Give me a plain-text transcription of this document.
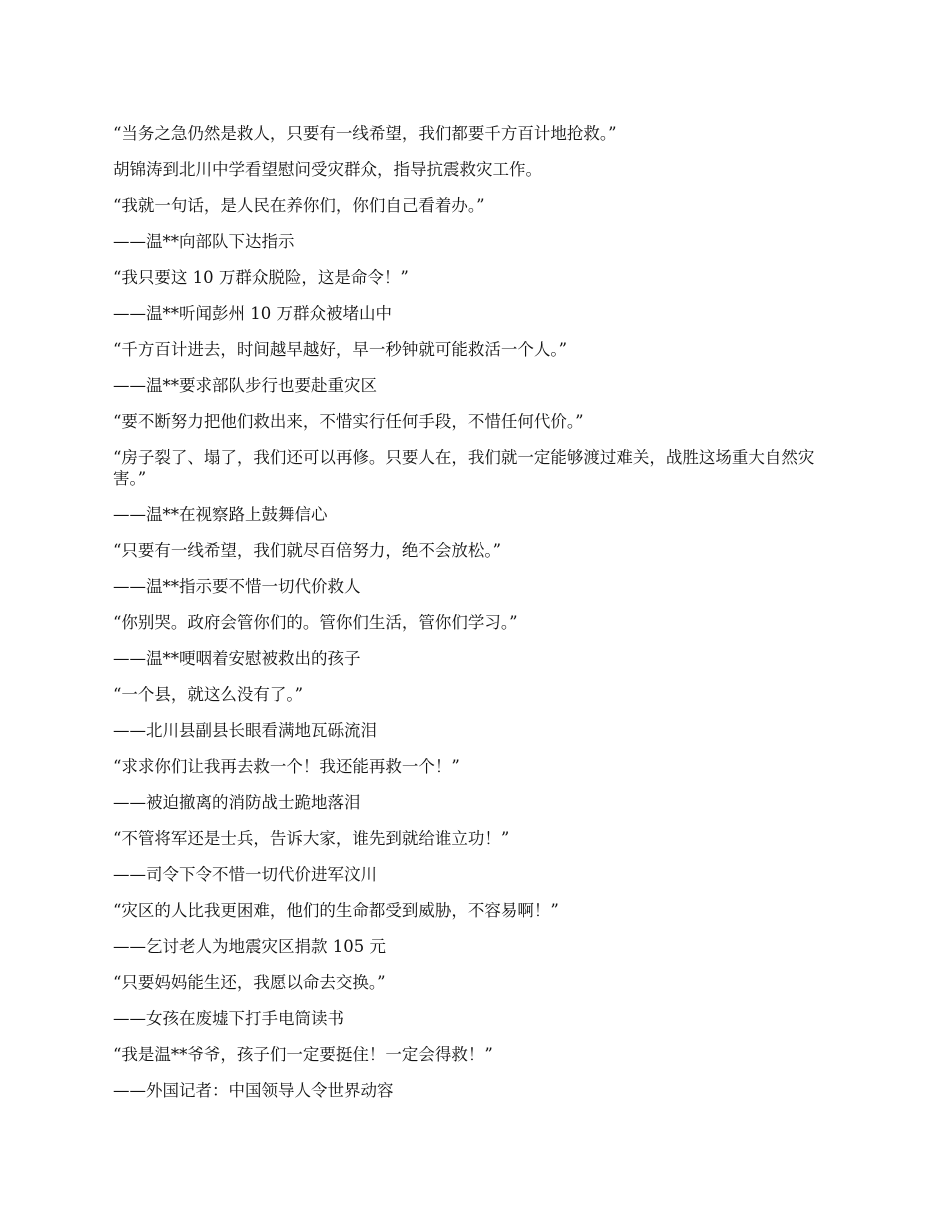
“当务之急仍然是救人，只要有一线希望，我们都要千方百计地抢救。”

胡锦涛到北川中学看望慰问受灾群众，指导抗震救灾工作。

“我就一句话，是人民在养你们，你们自己看着办。”

——温**向部队下达指示

“我只要这 10 万群众脱险，这是命令！”

——温**听闻彭州 10 万群众被堵山中

“千方百计进去，时间越早越好，早一秒钟就可能救活一个人。”

——温**要求部队步行也要赴重灾区

“要不断努力把他们救出来，不惜实行任何手段，不惜任何代价。”

“房子裂了、塌了，我们还可以再修。只要人在，我们就一定能够渡过难关，战胜这场重大自然灾害。”

——温**在视察路上鼓舞信心

“只要有一线希望，我们就尽百倍努力，绝不会放松。”

——温**指示要不惜一切代价救人

“你别哭。政府会管你们的。管你们生活，管你们学习。”

——温**哽咽着安慰被救出的孩子

“一个县，就这么没有了。”

——北川县副县长眼看满地瓦砾流泪

“求求你们让我再去救一个！我还能再救一个！”

——被迫撤离的消防战士跪地落泪

“不管将军还是士兵，告诉大家，谁先到就给谁立功！”

——司令下令不惜一切代价进军汶川

“灾区的人比我更困难，他们的生命都受到威胁，不容易啊！”

——乞讨老人为地震灾区捐款 105 元

“只要妈妈能生还，我愿以命去交换。”

——女孩在废墟下打手电筒读书

“我是温**爷爷，孩子们一定要挺住！一定会得救！”

——外国记者：中国领导人令世界动容
